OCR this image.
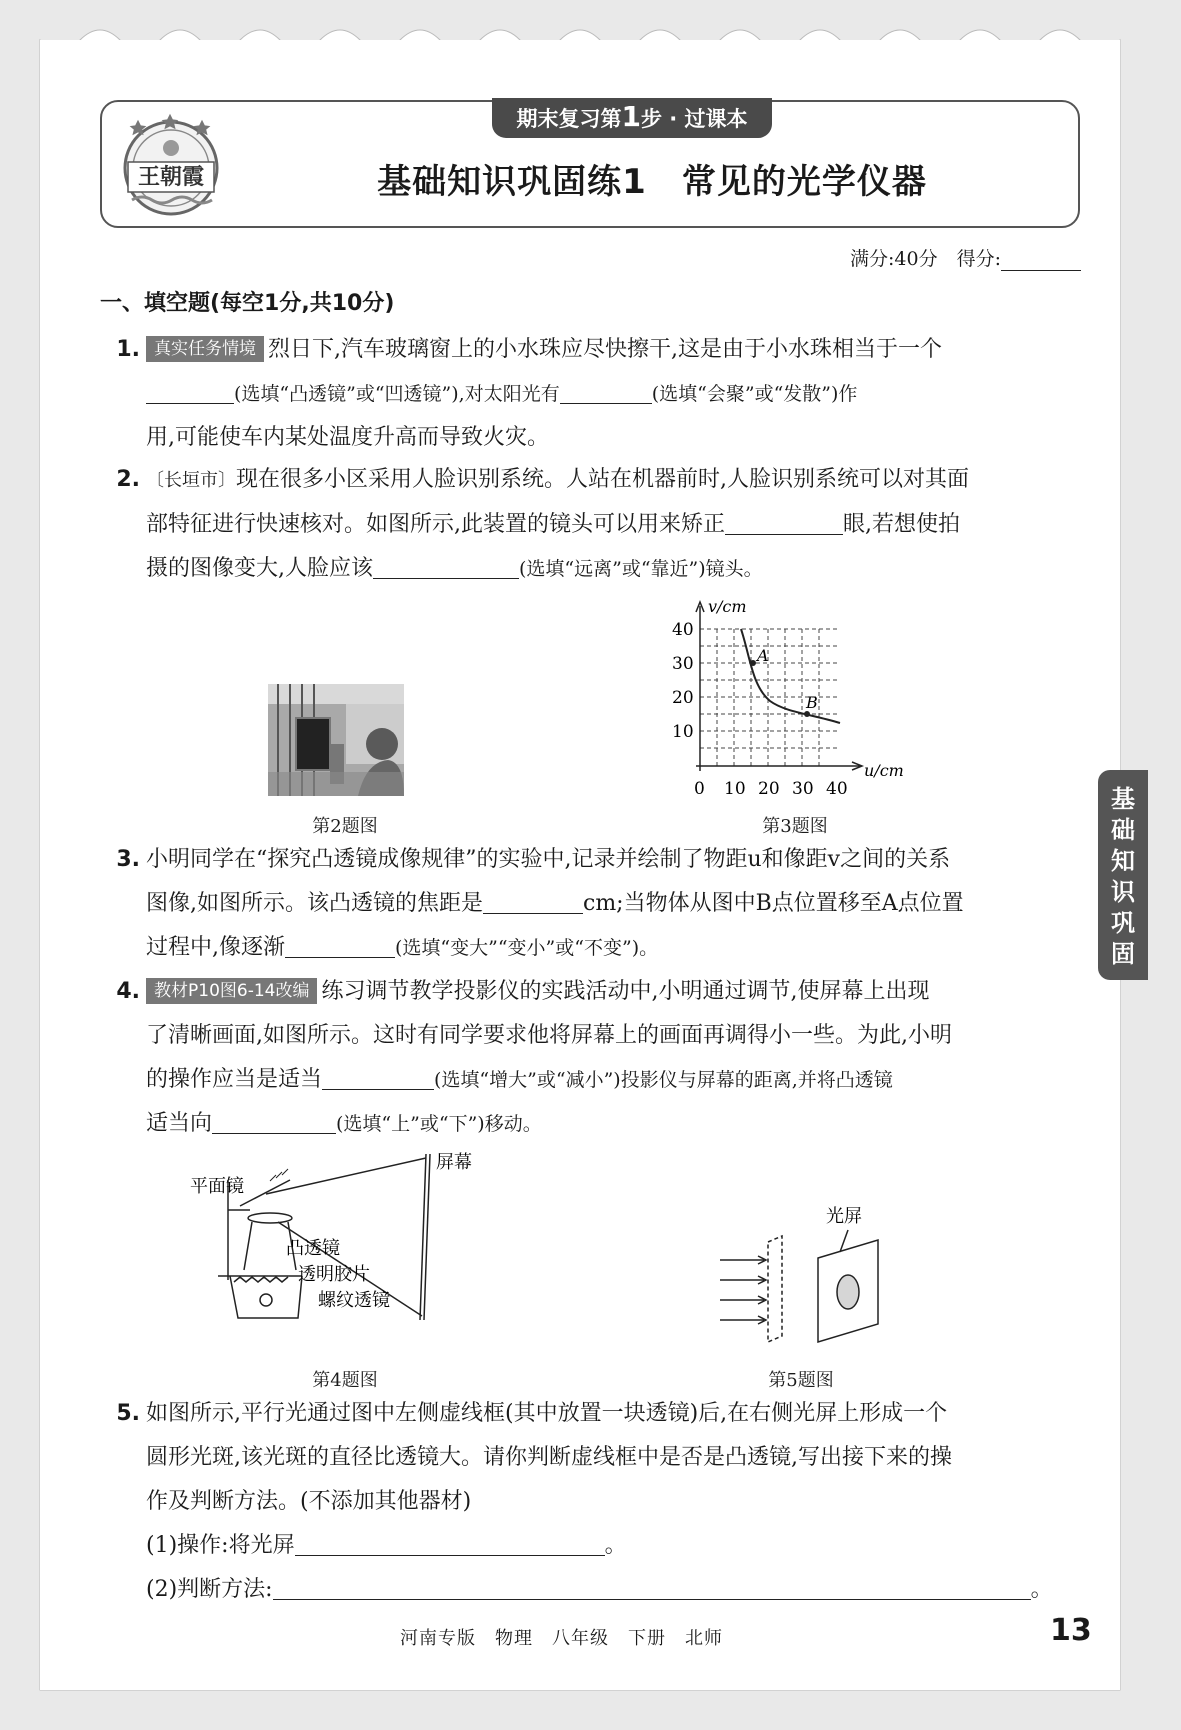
期末复习第1步 · 过课本
王朝霞	基础知识巩固练1　常见的光学仪器
满分:40分　得分:
一、填空题(每空1分,共10分)
1. 真实任务情境 烈日下,汽车玻璃窗上的小水珠应尽快擦干,这是由于小水珠相当于一个
(选填“凸透镜”或“凹透镜”),对太阳光有	(选填“会聚”或“发散”)作
用,可能使车内某处温度升高而导致火灾。
2. 〔长垣市〕现在很多小区采用人脸识别系统。人站在机器前时,人脸识别系统可以对其面
部特征进行快速核对。如图所示,此装置的镜头可以用来矫正	眼,若想使拍
摄的图像变大,人脸应该	(选填“远离”或“靠近”)镜头。
第2题图
A
B
v/cm
u/cm
40
30
20
10
0 10 20 30 40
第3题图
3. 小明同学在“探究凸透镜成像规律”的实验中,记录并绘制了物距u和像距v之间的关系
图像,如图所示。该凸透镜的焦距是	cm;当物体从图中B点位置移至A点位置
过程中,像逐渐	(选填“变大”“变小”或“不变”)。
4. 教材P10图6-14改编 练习调节教学投影仪的实践活动中,小明通过调节,使屏幕上出现
了清晰画面,如图所示。这时有同学要求他将屏幕上的画面再调得小一些。为此,小明
的操作应当是适当	(选填“增大”或“减小”)投影仪与屏幕的距离,并将凸透镜
适当向	(选填“上”或“下”)移动。
屏幕
平面镜
凸透镜
透明胶片
螺纹透镜
第4题图
光屏
第5题图
5. 如图所示,平行光通过图中左侧虚线框(其中放置一块透镜)后,在右侧光屏上形成一个
圆形光斑,该光斑的直径比透镜大。请你判断虚线框中是否是凸透镜,写出接下来的操
作及判断方法。(不添加其他器材)
(1)操作:将光屏	。
(2)判断方法:	。
基
础
知
识
巩
固
河南专版　物理　八年级　下册　北师	13
